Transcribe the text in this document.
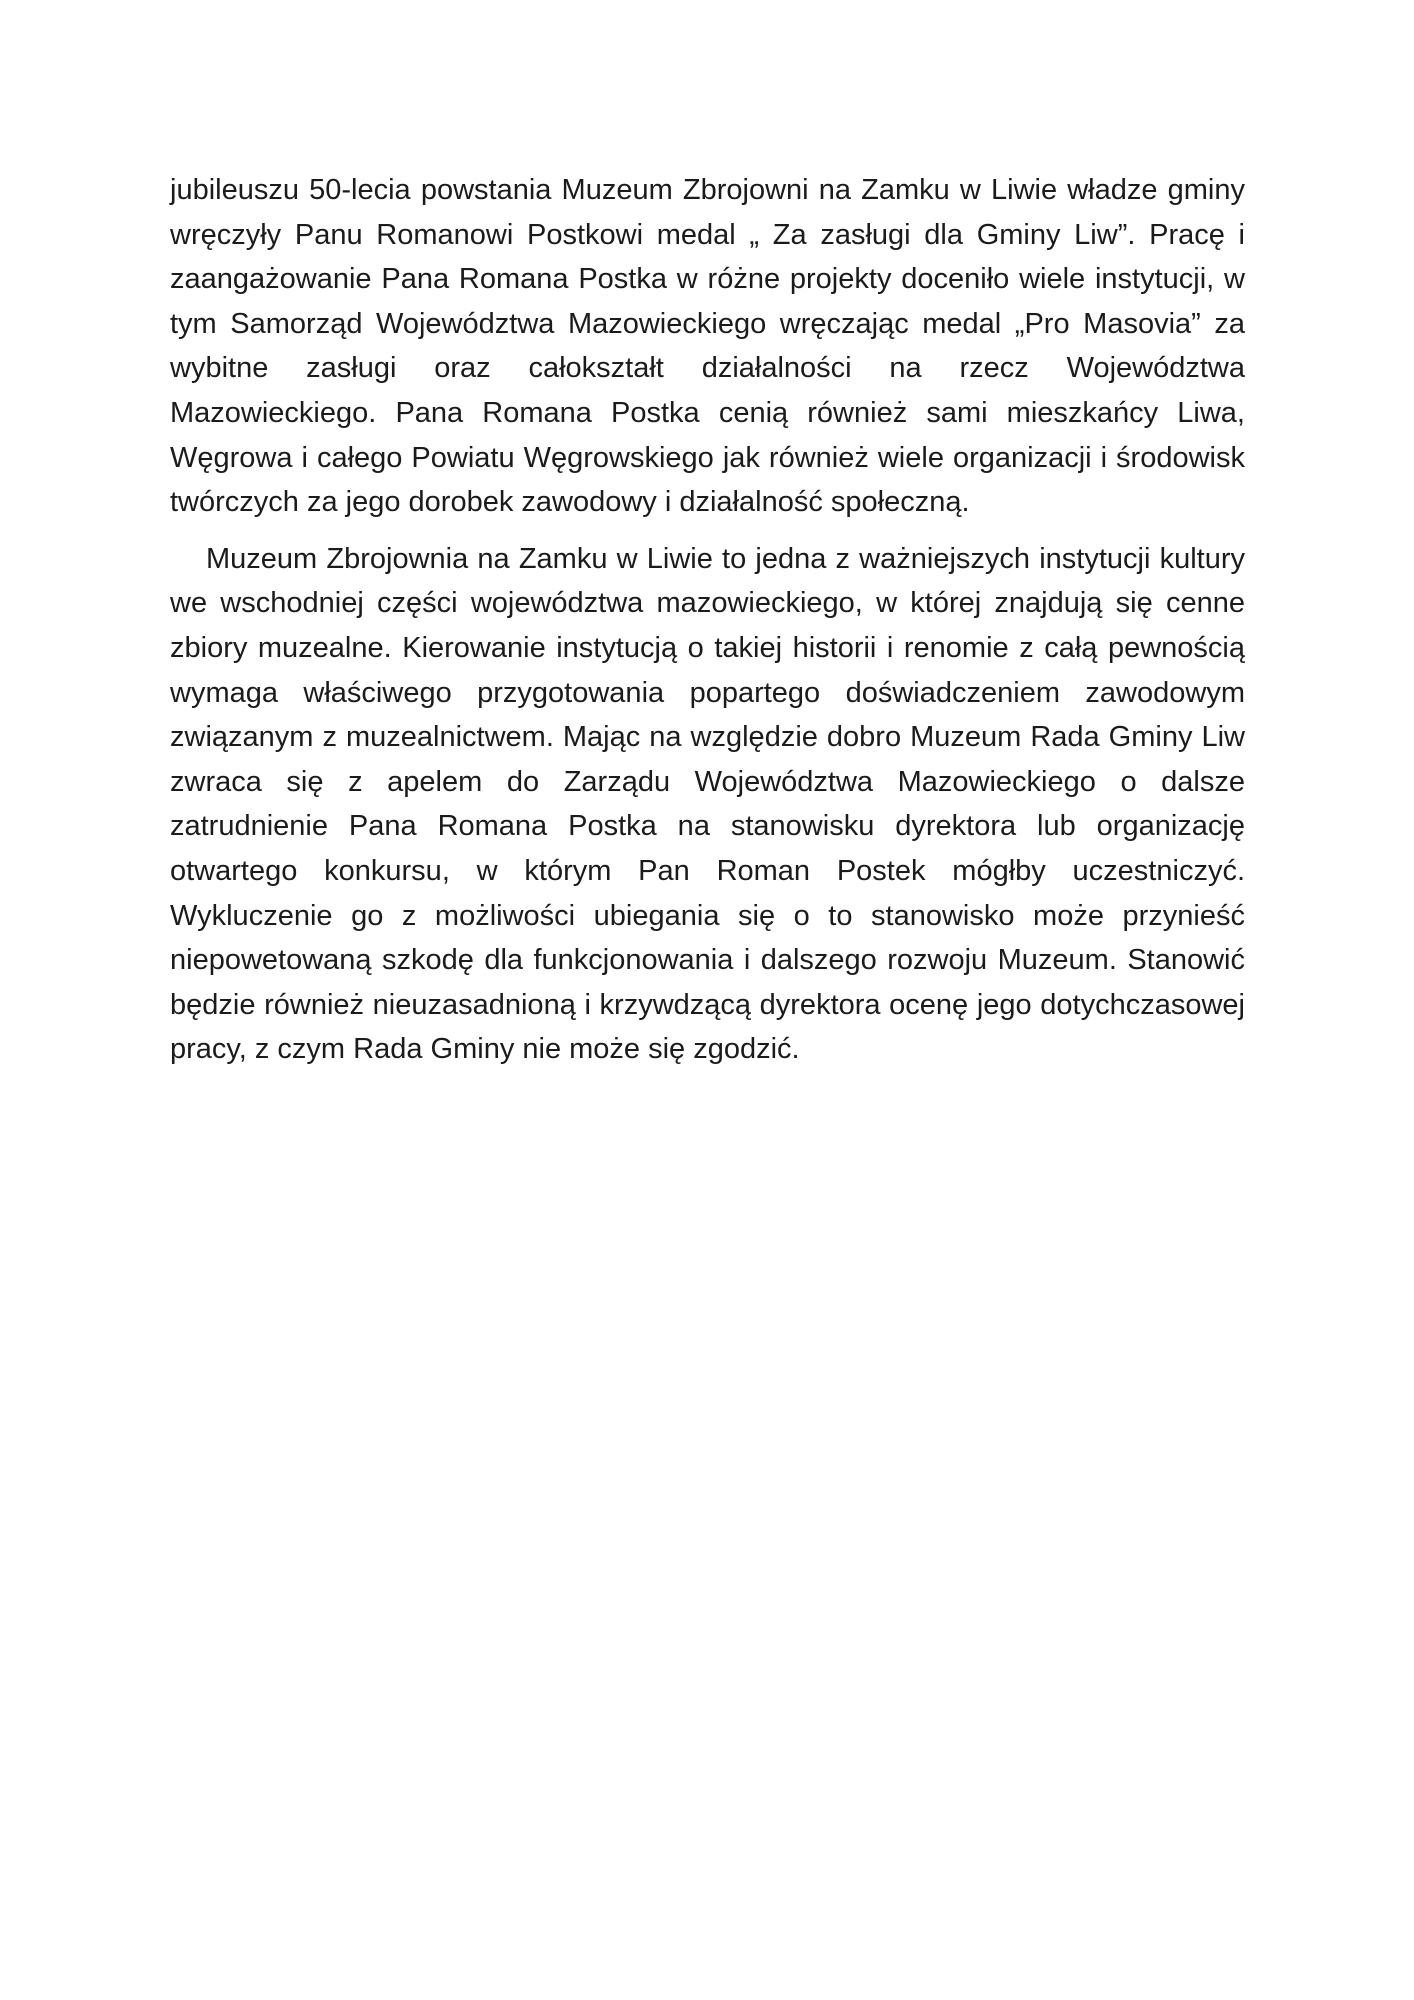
jubileuszu 50-lecia powstania Muzeum Zbrojowni na Zamku w Liwie władze gminy wręczyły Panu Romanowi Postkowi medal „ Za zasługi dla Gminy Liw”. Pracę i zaangażowanie Pana Romana Postka w różne projekty doceniło wiele instytucji, w tym Samorząd Województwa Mazowieckiego wręczając medal „Pro Masovia” za wybitne zasługi oraz całokształt działalności na rzecz Województwa Mazowieckiego. Pana Romana Postka cenią również sami mieszkańcy Liwa, Węgrowa i całego Powiatu Węgrowskiego jak również wiele organizacji i środowisk twórczych za jego dorobek zawodowy i działalność społeczną.

Muzeum Zbrojownia na Zamku w Liwie to jedna z ważniejszych instytucji kultury we wschodniej części województwa mazowieckiego, w której znajdują się cenne zbiory muzealne. Kierowanie instytucją o takiej historii i renomie z całą pewnością wymaga właściwego przygotowania popartego doświadczeniem zawodowym związanym z muzealnictwem. Mając na względzie dobro Muzeum Rada Gminy Liw zwraca się z apelem do Zarządu Województwa Mazowieckiego o dalsze zatrudnienie Pana Romana Postka na stanowisku dyrektora lub organizację otwartego konkursu, w którym Pan Roman Postek mógłby uczestniczyć. Wykluczenie go z możliwości ubiegania się o to stanowisko może przynieść niepowetowaną szkodę dla funkcjonowania i dalszego rozwoju Muzeum. Stanowić będzie również nieuzasadnioną i krzywdzącą dyrektora ocenę jego dotychczasowej pracy, z czym Rada Gminy nie może się zgodzić.
